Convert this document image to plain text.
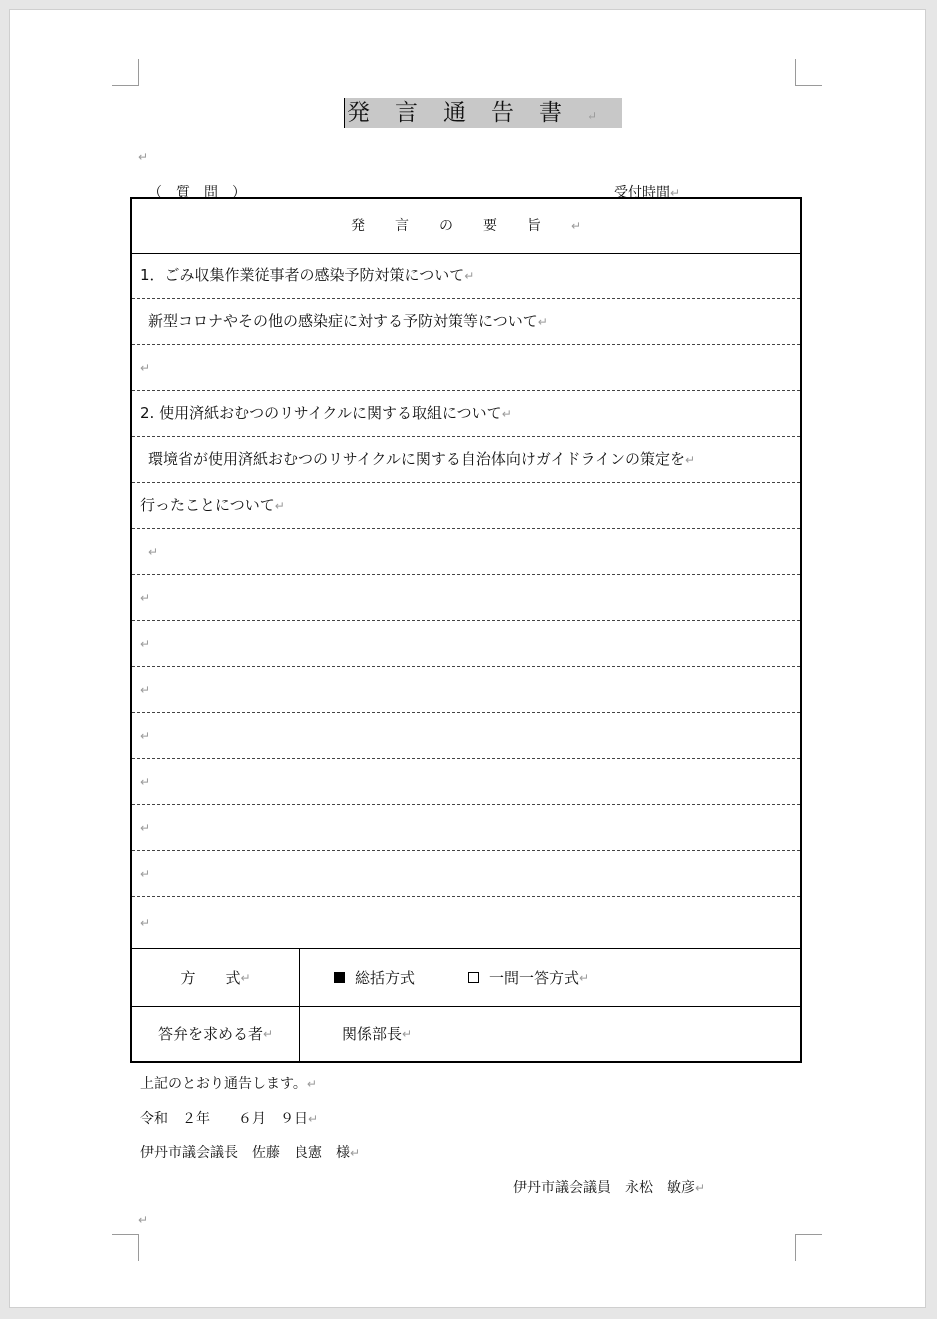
発言通告書↵
↵
（　質　問　）	受付時間↵
発言の要旨↵
1．ごみ収集作業従事者の感染予防対策について↵
新型コロナやその他の感染症に対する予防対策等について↵
↵
2. 使用済紙おむつのリサイクルに関する取組について↵
環境省が使用済紙おむつのリサイクルに関する自治体向けガイドラインの策定を↵
行ったことについて↵
↵
↵
↵
↵
↵
↵
↵
↵
↵
方　　式 ↵	総括方式	一問一答方式 ↵
答弁を求める者 ↵	関係部長 ↵
上記のとおり通告します。↵
令和　２年　　６月　９日↵
伊丹市議会議長　佐藤　良憲　様↵
伊丹市議会議員　永松　敏彦↵
↵
